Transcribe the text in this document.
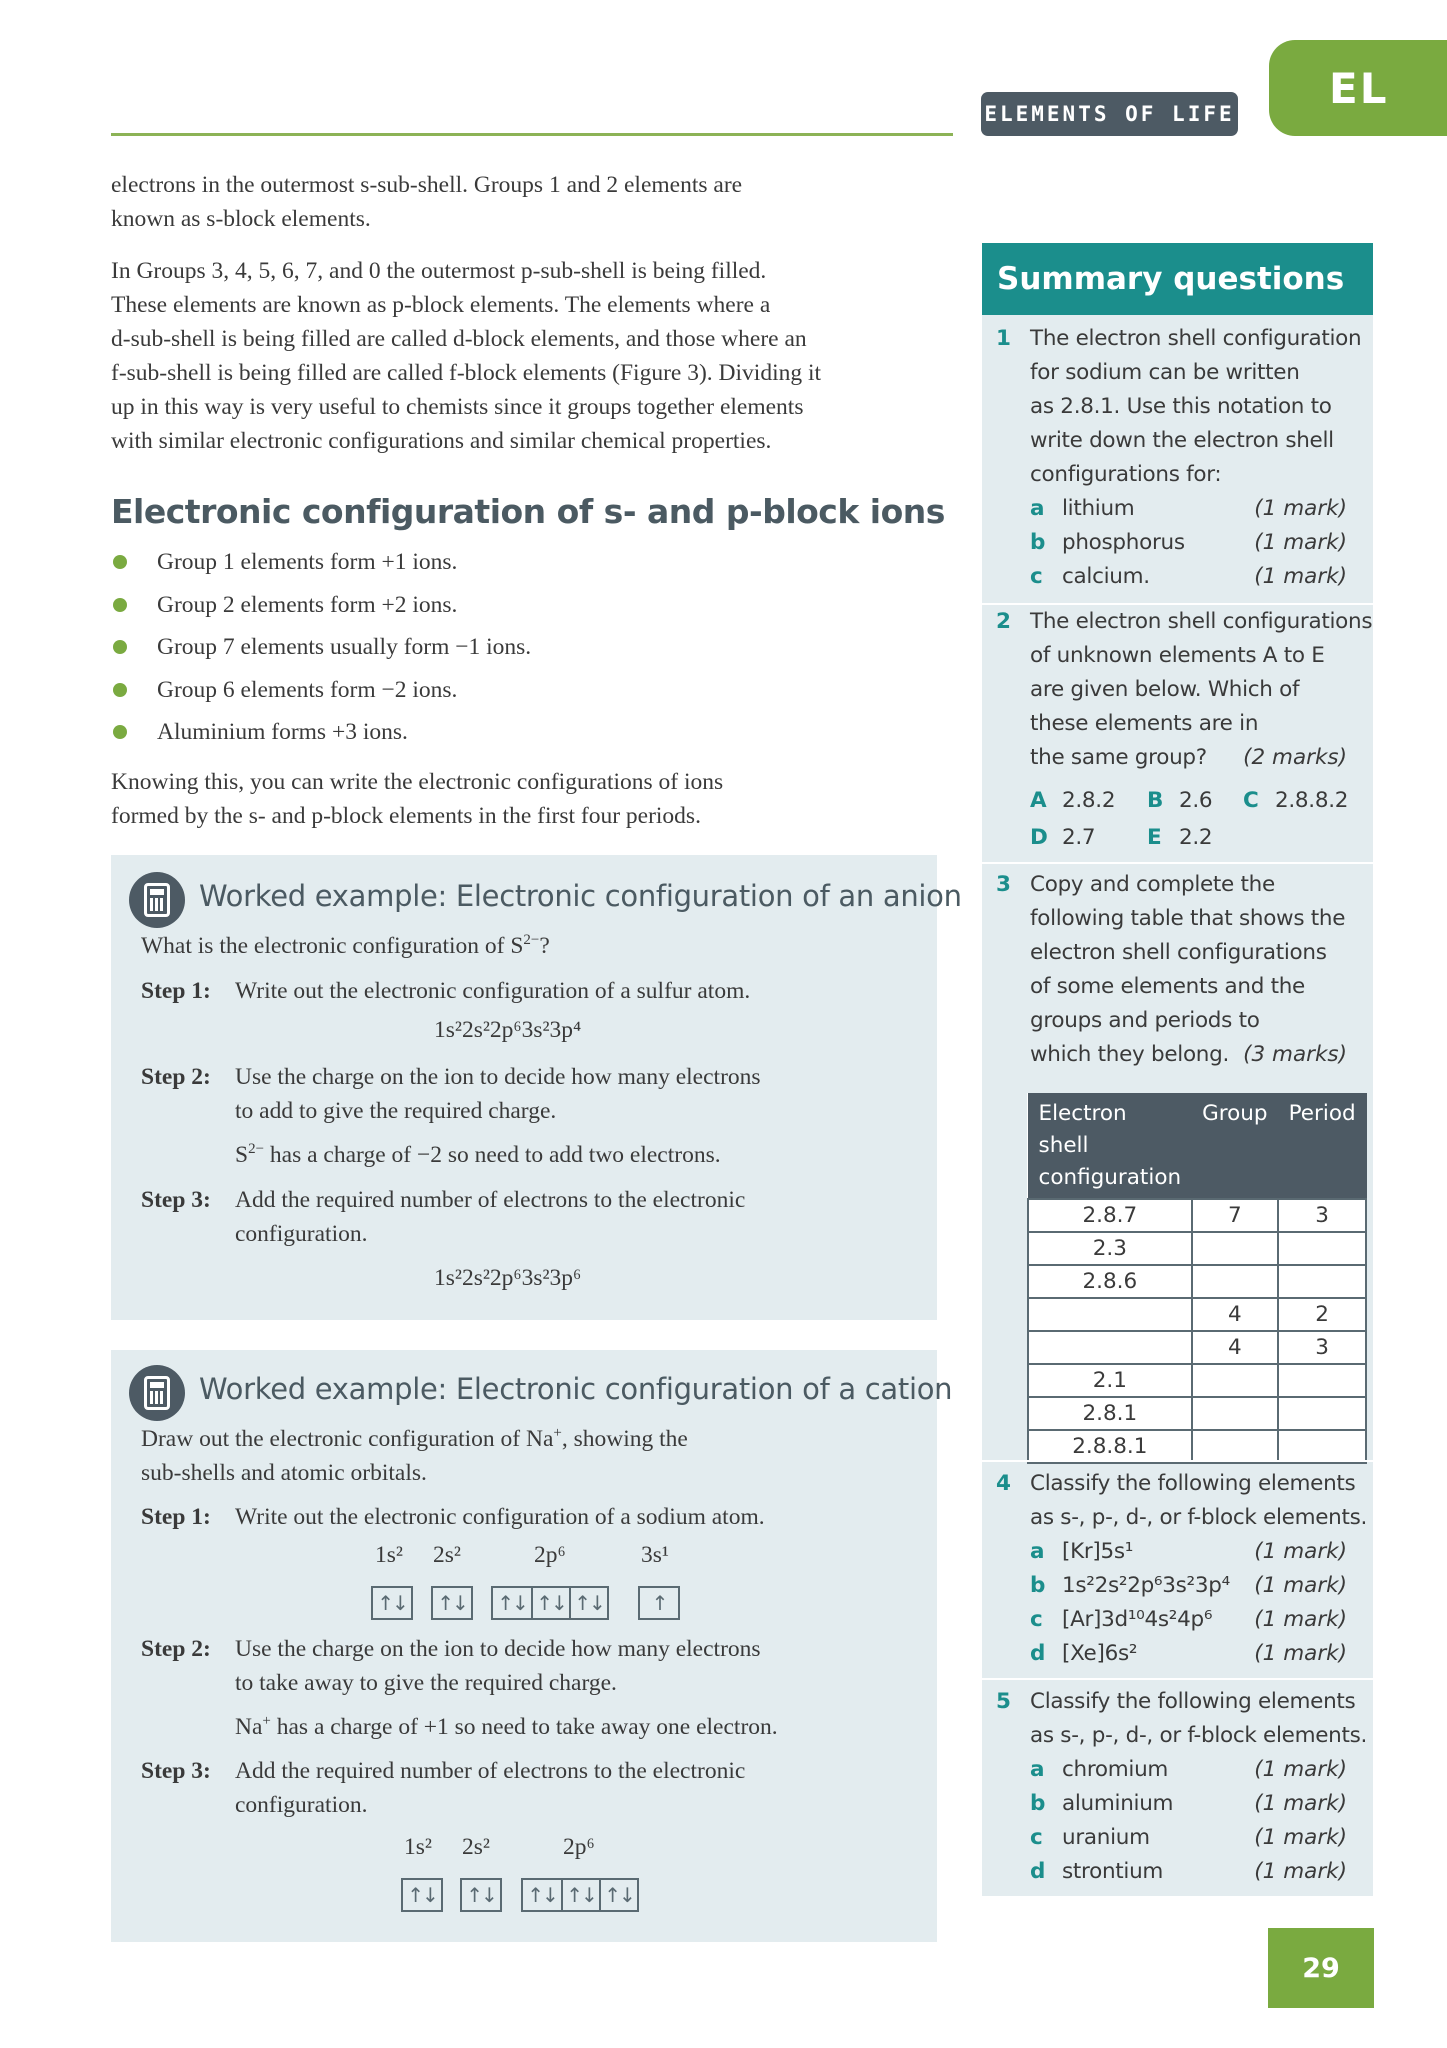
ELEMENTS OF LIFE
EL

electrons in the outermost s-sub-shell. Groups 1 and 2 elements are
known as s-block elements.

In Groups 3, 4, 5, 6, 7, and 0 the outermost p-sub-shell is being filled.
These elements are known as p-block elements. The elements where a
d-sub-shell is being filled are called d-block elements, and those where an
f-sub-shell is being filled are called f-block elements (Figure 3). Dividing it
up in this way is very useful to chemists since it groups together elements
with similar electronic configurations and similar chemical properties.

Electronic configuration of s- and p-block ions
Group 1 elements form +1 ions.
Group 2 elements form +2 ions.
Group 7 elements usually form −1 ions.
Group 6 elements form −2 ions.
Aluminium forms +3 ions.

Knowing this, you can write the electronic configurations of ions
formed by the s- and p-block elements in the first four periods.

Worked example: Electronic configuration of an anion
What is the electronic configuration of $S^{2-}$?
Step 1: Write out the electronic configuration of a sulfur atom.
1s²2s²2p⁶3s²3p⁴
Step 2: Use the charge on the ion to decide how many electrons
to add to give the required charge.
$S^{2-}$ has a charge of −2 so need to add two electrons.
Step 3: Add the required number of electrons to the electronic
configuration.
1s²2s²2p⁶3s²3p⁶
Worked example: Electronic configuration of a cation
Draw out the electronic configuration of Na+, showing the
sub-shells and atomic orbitals.
Step 1: Write out the electronic configuration of a sodium atom.
1s² 2s²	2p⁶	3s¹
↑↓ ↑↓ ↑↓ ↑↓ ↑↓	↑
Step 2: Use the charge on the ion to decide how many electrons
to take away to give the required charge.
Na+ has a charge of +1 so need to take away one electron.
Step 3: Add the required number of electrons to the electronic
configuration.
1s² 2s²	2p⁶
↑↓ ↑↓ ↑↓ ↑↓ ↑↓
Summary questions
1 The electron shell configuration
for sodium can be written
as 2.8.1. Use this notation to
write down the electron shell
configurations for:
a lithium	(1 mark)
b phosphorus	(1 mark)
c calcium.	(1 mark)
2 The electron shell configurations
of unknown elements A to E
are given below. Which of
these elements are in
the same group?	(2 marks)
A 2.8.2 B 2.6 C 2.8.8.2
D 2.7 E 2.2
3 Copy and complete the
following table that shows the
electron shell configurations
of some elements and the
groups and periods to
which they belong. (3 marks)
Electron shell configuration	Group	Period
2.8.7	7	3
2.3		
2.8.6		
	4	2
	4	3
2.1		
2.8.1		
2.8.8.1		
4 Classify the following elements
as s-, p-, d-, or f-block elements.
a [Kr]5s¹	(1 mark)
b 1s²2s²2p⁶3s²3p⁴ (1 mark)
c [Ar]3d¹⁰4s²4p⁶ (1 mark)
d [Xe]6s²	(1 mark)
5 Classify the following elements
as s-, p-, d-, or f-block elements.
a chromium	(1 mark)
b aluminium	(1 mark)
c uranium	(1 mark)
d strontium	(1 mark)
29
